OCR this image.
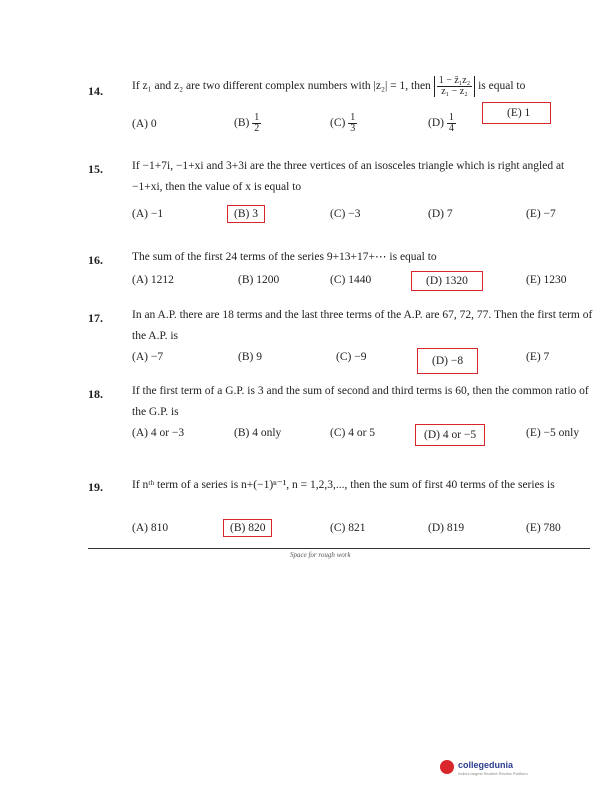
14.	If z₁ and z₂ are two different complex numbers with |z₂| = 1, then $\frac{\text{1 − z̄₁z₂}}{\text{z₁ − z₂}}$ is equal to
(A) 0	$(B) \frac{1}{2}$	$(C) \frac{1}{3}$	$(D) \frac{1}{4}$	(E) 1
15.	If −1+7i, −1+xi and 3+3i are the three vertices of an isosceles triangle which is right angled at −1+xi, then the value of x is equal to
(A) −1	(B) 3	(C) −3	(D) 7	(E) −7
16.	The sum of the first 24 terms of the series 9+13+17+⋯ is equal to
(A) 1212	(B) 1200	(C) 1440	(D) 1320	(E) 1230
17.	In an A.P. there are 18 terms and the last three terms of the A.P. are 67, 72, 77. Then the first term of the A.P. is
(A) −7	(B) 9	(C) −9	(D) −8	(E) 7
18.	If the first term of a G.P. is 3 and the sum of second and third terms is 60, then the common ratio of the G.P. is
(A) 4 or −3	(B) 4 only	(C) 4 or 5	(D) 4 or −5	(E) −5 only
19.	If nᵗʰ term of a series is n+(−1)ⁿ⁻¹, n = 1,2,3,..., then the sum of first 40 terms of the series is
(A) 810	(B) 820	(C) 821	(D) 819	(E) 780
Space for rough work
collegedunia
India's largest Student Review Platform
